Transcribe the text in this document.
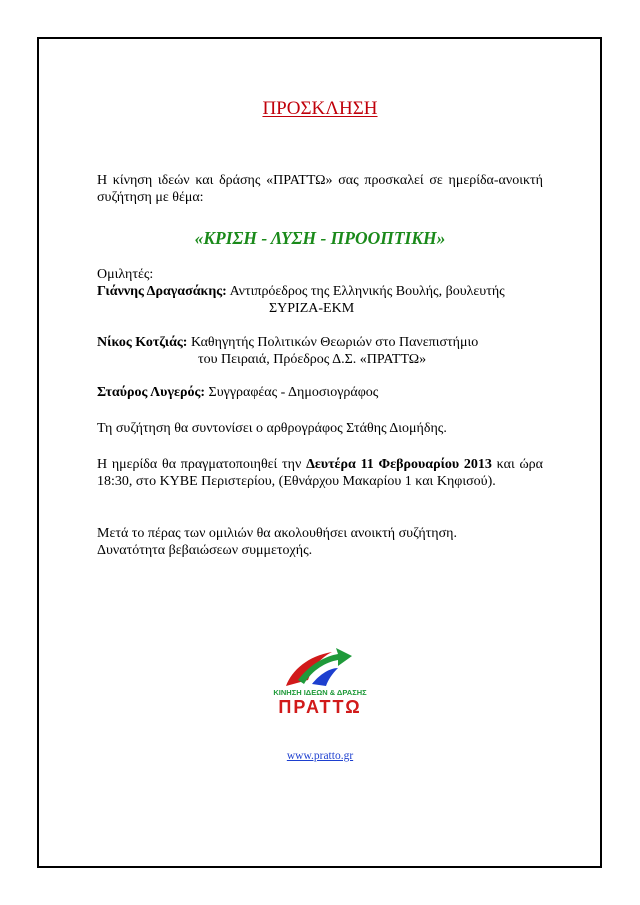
ΠΡΟΣΚΛΗΣΗ
Η κίνηση ιδεών και δράσης «ΠΡΑΤΤΩ» σας προσκαλεί σε ημερίδα-ανοικτή συζήτηση με θέμα:
«ΚΡΙΣΗ - ΛΥΣΗ - ΠΡΟΟΠΤΙΚΗ»
Ομιλητές:
Γιάννης Δραγασάκης: Αντιπρόεδρος της Ελληνικής Βουλής, βουλευτής
ΣΥΡΙΖΑ-ΕΚΜ
Νίκος Κοτζιάς: Καθηγητής Πολιτικών Θεωριών στο Πανεπιστήμιο
του Πειραιά, Πρόεδρος Δ.Σ. «ΠΡΑΤΤΩ»
Σταύρος Λυγερός: Συγγραφέας - Δημοσιογράφος
Τη συζήτηση θα συντονίσει ο αρθρογράφος Στάθης Διομήδης.
Η ημερίδα θα πραγματοποιηθεί την Δευτέρα 11 Φεβρουαρίου 2013 και ώρα 18:30, στο ΚΥΒΕ Περιστερίου, (Εθνάρχου Μακαρίου 1 και Κηφισού).
Μετά το πέρας των ομιλιών θα ακολουθήσει ανοικτή συζήτηση.
Δυνατότητα βεβαιώσεων συμμετοχής.
ΚΙΝΗΣΗ ΙΔΕΩΝ & ΔΡΑΣΗΣ
ΠΡΑΤΤΩ
www.pratto.gr
